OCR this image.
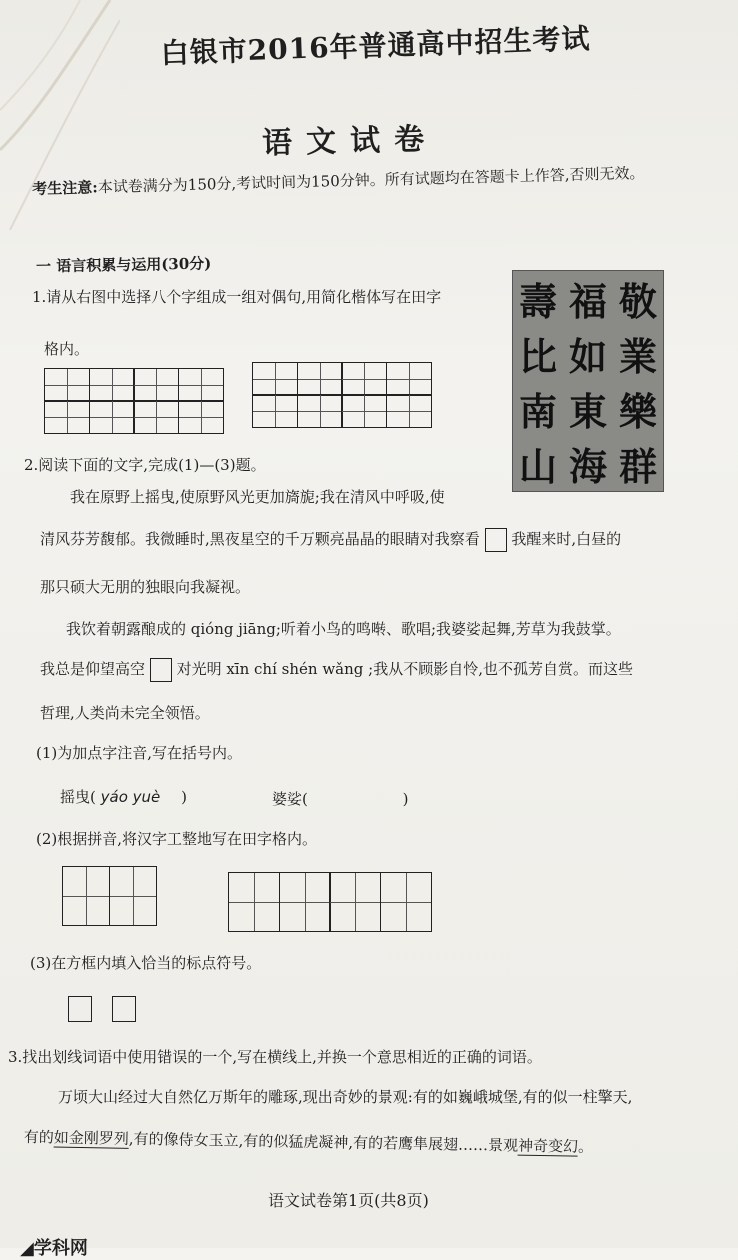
白银市2016年普通高中招生考试
语文试卷
考生注意:本试卷满分为150分,考试时间为150分钟。所有试题均在答题卡上作答,否则无效。
一 语言积累与运用(30分)
1.请从右图中选择八个字组成一组对偶句,用简化楷体写在田字
格内。
壽 福 敬
比 如 業
南 東 樂
山 海 群
2.阅读下面的文字,完成(1)—(3)题。
我在原野上摇曳,使原野风光更加旖旎;我在清风中呼吸,使
清风芬芳馥郁。我微睡时,黑夜星空的千万颗亮晶晶的眼睛对我察看 我醒来时,白昼的
那只硕大无朋的独眼向我凝视。
我饮着朝露酿成的 qióng jiāng;听着小鸟的鸣啭、歌唱;我婆娑起舞,芳草为我鼓掌。
我总是仰望高空 对光明 xīn chí shén wǎng ;我从不顾影自怜,也不孤芳自赏。而这些
哲理,人类尚未完全领悟。
(1)为加点字注音,写在括号内。
摇曳( yáo yuè )	婆娑(	)
(2)根据拼音,将汉字工整地写在田字格内。
(3)在方框内填入恰当的标点符号。
3.找出划线词语中使用错误的一个,写在横线上,并换一个意思相近的正确的词语。
万顷大山经过大自然亿万斯年的雕琢,现出奇妙的景观:有的如巍峨城堡,有的似一柱擎天,
有的如金刚罗列,有的像侍女玉立,有的似猛虎凝神,有的若鹰隼展翅……景观神奇变幻。
语文试卷第1页(共8页)
◢学科网
